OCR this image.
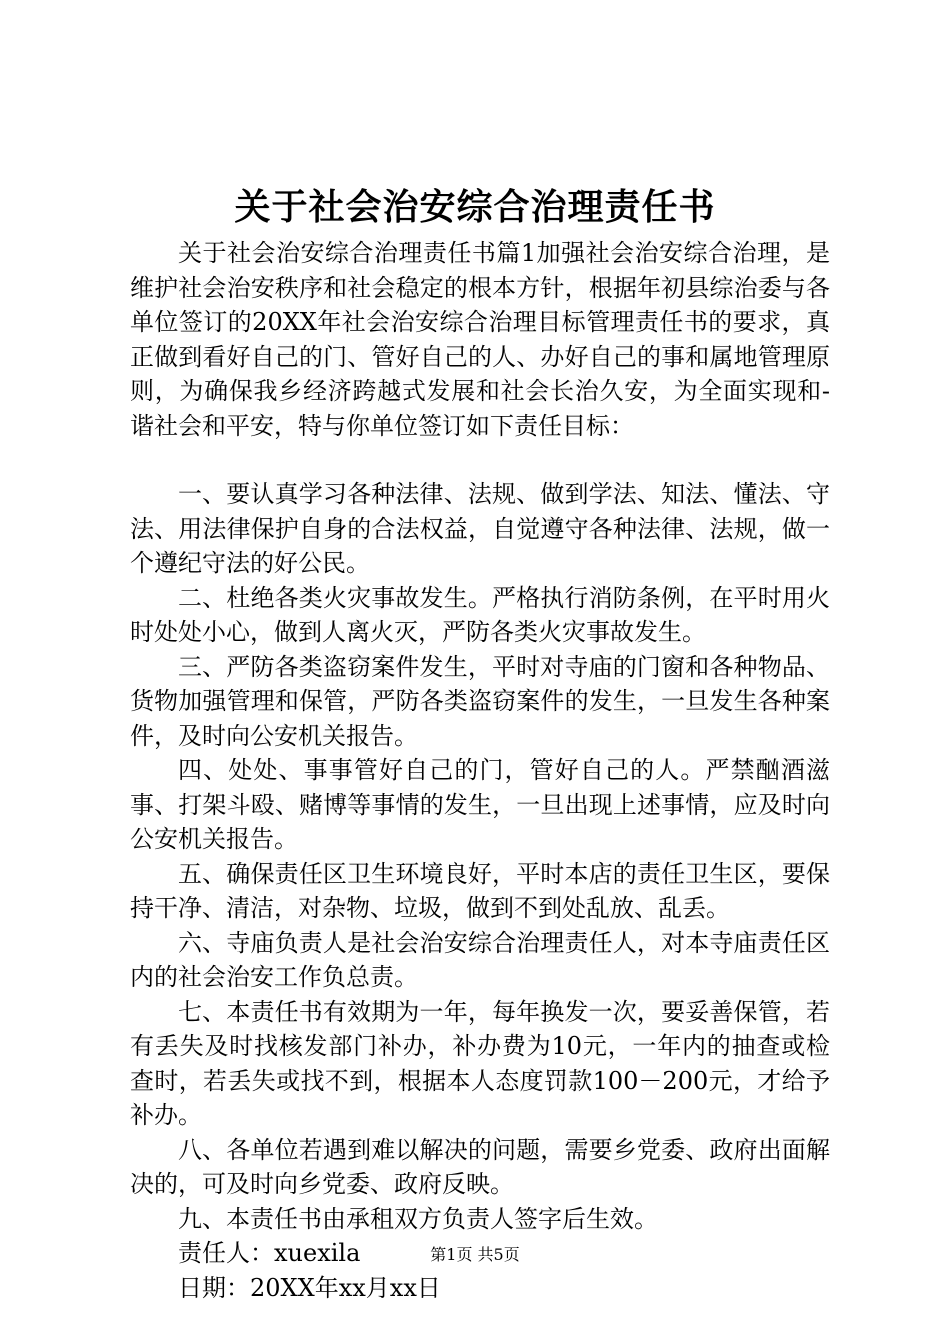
关于社会治安综合治理责任书

关于社会治安综合治理责任书篇1加强社会治安综合治理，是维护社会治安秩序和社会稳定的根本方针，根据年初县综治委与各单位签订的20XX年社会治安综合治理目标管理责任书的要求，真正做到看好自己的门、管好自己的人、办好自己的事和属地管理原则，为确保我乡经济跨越式发展和社会长治久安，为全面实现和-谐社会和平安，特与你单位签订如下责任目标：

一、要认真学习各种法律、法规、做到学法、知法、懂法、守法、用法律保护自身的合法权益，自觉遵守各种法律、法规，做一个遵纪守法的好公民。

二、杜绝各类火灾事故发生。严格执行消防条例，在平时用火时处处小心，做到人离火灭，严防各类火灾事故发生。

三、严防各类盗窃案件发生，平时对寺庙的门窗和各种物品、货物加强管理和保管，严防各类盗窃案件的发生，一旦发生各种案件，及时向公安机关报告。

四、处处、事事管好自己的门，管好自己的人。严禁酗酒滋事、打架斗殴、赌博等事情的发生，一旦出现上述事情，应及时向公安机关报告。

五、确保责任区卫生环境良好，平时本店的责任卫生区，要保持干净、清洁，对杂物、垃圾，做到不到处乱放、乱丢。

六、寺庙负责人是社会治安综合治理责任人，对本寺庙责任区内的社会治安工作负总责。

七、本责任书有效期为一年，每年换发一次，要妥善保管，若有丢失及时找核发部门补办，补办费为10元，一年内的抽查或检查时，若丢失或找不到，根据本人态度罚款100－200元，才给予补办。

八、各单位若遇到难以解决的问题，需要乡党委、政府出面解决的，可及时向乡党委、政府反映。

九、本责任书由承租双方负责人签字后生效。

责任人：xuexila

日期：20XX年xx月xx日

第1页 共5页
